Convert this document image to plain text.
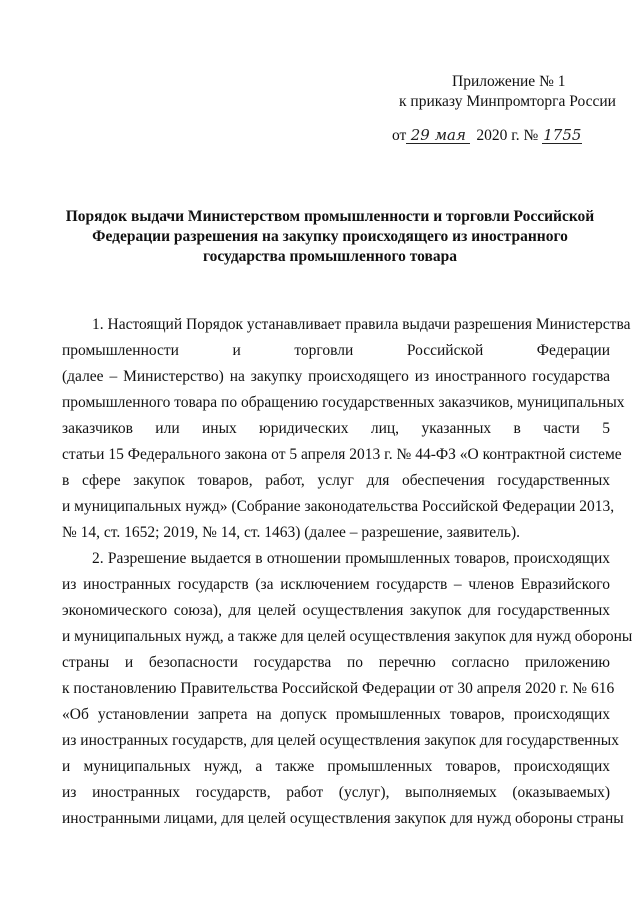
Приложение № 1
к приказу Минпромторга России
от 29 мая 2020 г. № 1755
Порядок выдачи Министерством промышленности и торговли Российской
Федерации разрешения на закупку происходящего из иностранного
государства промышленного товара
1. Настоящий Порядок устанавливает правила выдачи разрешения Министерства
промышленности и торговли Российской Федерации
(далее – Министерство) на закупку происходящего из иностранного государства
промышленного товара по обращению государственных заказчиков, муниципальных
заказчиков или иных юридических лиц, указанных в части 5
статьи 15 Федерального закона от 5 апреля 2013 г. № 44-ФЗ «О контрактной системе
в сфере закупок товаров, работ, услуг для обеспечения государственных
и муниципальных нужд» (Собрание законодательства Российской Федерации 2013,
№ 14, ст. 1652; 2019, № 14, ст. 1463) (далее – разрешение, заявитель).
2. Разрешение выдается в отношении промышленных товаров, происходящих
из иностранных государств (за исключением государств – членов Евразийского
экономического союза), для целей осуществления закупок для государственных
и муниципальных нужд, а также для целей осуществления закупок для нужд обороны
страны и безопасности государства по перечню согласно приложению
к постановлению Правительства Российской Федерации от 30 апреля 2020 г. № 616
«Об установлении запрета на допуск промышленных товаров, происходящих
из иностранных государств, для целей осуществления закупок для государственных
и муниципальных нужд, а также промышленных товаров, происходящих
из иностранных государств, работ (услуг), выполняемых (оказываемых)
иностранными лицами, для целей осуществления закупок для нужд обороны страны
